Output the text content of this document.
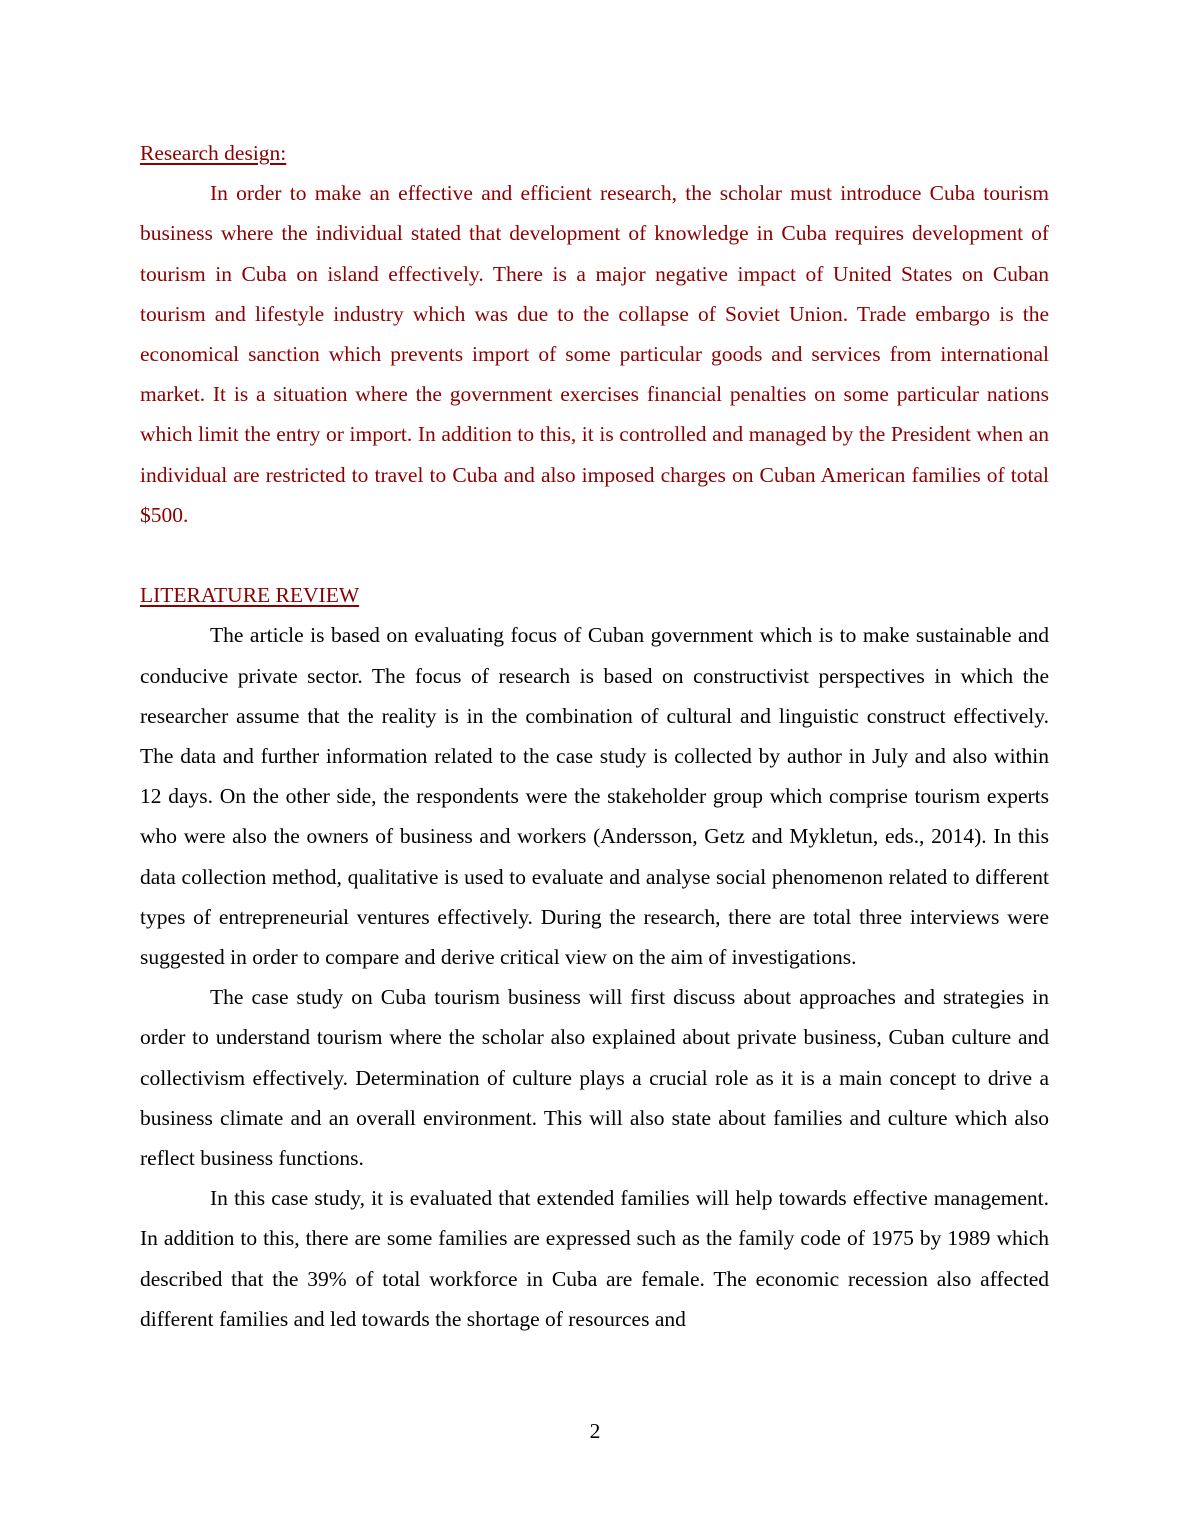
Research design:

In order to make an effective and efficient research, the scholar must introduce Cuba tourism business where the individual stated that development of knowledge in Cuba requires development of tourism in Cuba on island effectively. There is a major negative impact of United States on Cuban tourism and lifestyle industry which was due to the collapse of Soviet Union. Trade embargo is the economical sanction which prevents import of some particular goods and services from international market. It is a situation where the government exercises financial penalties on some particular nations which limit the entry or import. In addition to this, it is controlled and managed by the President when an individual are restricted to travel to Cuba and also imposed charges on Cuban American families of total $500.

LITERATURE REVIEW

The article is based on evaluating focus of Cuban government which is to make sustainable and conducive private sector. The focus of research is based on constructivist perspectives in which the researcher assume that the reality is in the combination of cultural and linguistic construct effectively. The data and further information related to the case study is collected by author in July and also within 12 days. On the other side, the respondents were the stakeholder group which comprise tourism experts who were also the owners of business and workers (Andersson, Getz and Mykletun, eds., 2014). In this data collection method, qualitative is used to evaluate and analyse social phenomenon related to different types of entrepreneurial ventures effectively. During the research, there are total three interviews were suggested in order to compare and derive critical view on the aim of investigations.

The case study on Cuba tourism business will first discuss about approaches and strategies in order to understand tourism where the scholar also explained about private business, Cuban culture and collectivism effectively. Determination of culture plays a crucial role as it is a main concept to drive a business climate and an overall environment. This will also state about families and culture which also reflect business functions.

In this case study, it is evaluated that extended families will help towards effective management. In addition to this, there are some families are expressed such as the family code of 1975 by 1989 which described that the 39% of total workforce in Cuba are female. The economic recession also affected different families and led towards the shortage of resources and

2
